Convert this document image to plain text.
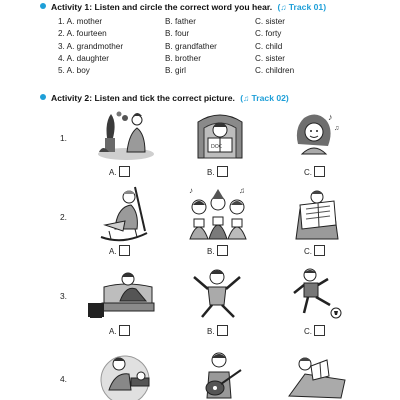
Activity 1: Listen and circle the correct word you hear. (♫ Track 01)
1. A. mother	B. father	C. sister
2. A. fourteen	B. four	C. forty
3. A. grandmother	B. grandfather	C. child
4. A. daughter	B. brother	C. sister
5. A. boy	B. girl	C. children
Activity 2: Listen and tick the correct picture. (♫ Track 02)
1.
2.
3.
4.
DOC
♪
♫
A.	B.	C.
♪	♫
A.	B.	C.
A.	B.	C.
